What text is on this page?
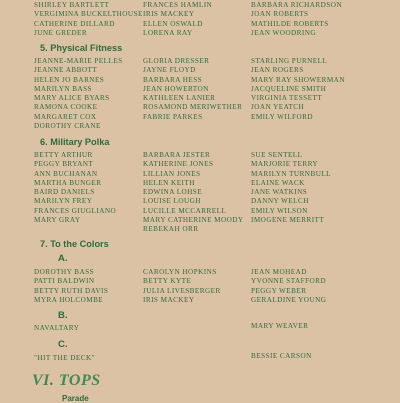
SHIRLEY BARTLETT
VERGIMINA BUCKELTHOUSE
CATHERINE DILLARD
JUNE GREDER
FRANCES HAMLIN
IRIS MACKEY
ELLEN OSWALD
LORENA RAY
BARBARA RICHARDSON
JOAN ROBERTS
MATHILDE ROBERTS
JEAN WOODRING
5. Physical Fitness
JEANNE-MARIE PELLES
JEANNE ABBOTT
HELEN JO BARNES
MARILYN BASS
MARY ALICE BYARS
RAMONA COOKE
MARGARET COX
DOROTHY CRANE
GLORIA DRESSER
JAYNE FLOYD
BARBARA HESS
JEAN HOWERTON
KATHLEEN LANIER
ROSAMOND MERIWETHER
FABRIE PARKES
STARLING PURNELL
JEAN ROGERS
MARY RAY SHOWERMAN
JACQUELINE SMITH
VIRGINIA TESSETT
JOAN YEATCH
EMILY WILFORD
6. Military Polka
BETTY ARTHUR
PEGGY BRYANT
ANN BUCHANAN
MARTHA BUNGER
BAIRD DANIELS
MARILYN FREY
FRANCES GIUGLIANO
MARY GRAY
BARBARA JESTER
KATHERINE JONES
LILLIAN JONES
HELEN KEITH
EDWINA LOHSE
LOUISE LOUGH
LUCILLE MCCARRELL
MARY CATHERINE MOODY
REBEKAH ORR
SUE SENTELL
MARJORIE TERRY
MARILYN TURNBULL
ELAINE WACK
JANE WATKINS
DANNY WELCH
EMILY WILSON
IMOGENE MERRITT
7. To the Colors
A.
DOROTHY BASS
PATTI BALDWIN
BETTY RUTH DAVIS
MYRA HOLCOMBE
CAROLYN HOPKINS
BETTY KYTE
JULIA LIVESBERGER
IRIS MACKEY
JEAN MOHEAD
YVONNE STAFFORD
PEGGY WEBER
GERALDINE YOUNG
B.
NAVALTARY	MARY WEAVER
C.
"HIT THE DECK"	BESSIE CARSON
VI. TOPS
Parade
